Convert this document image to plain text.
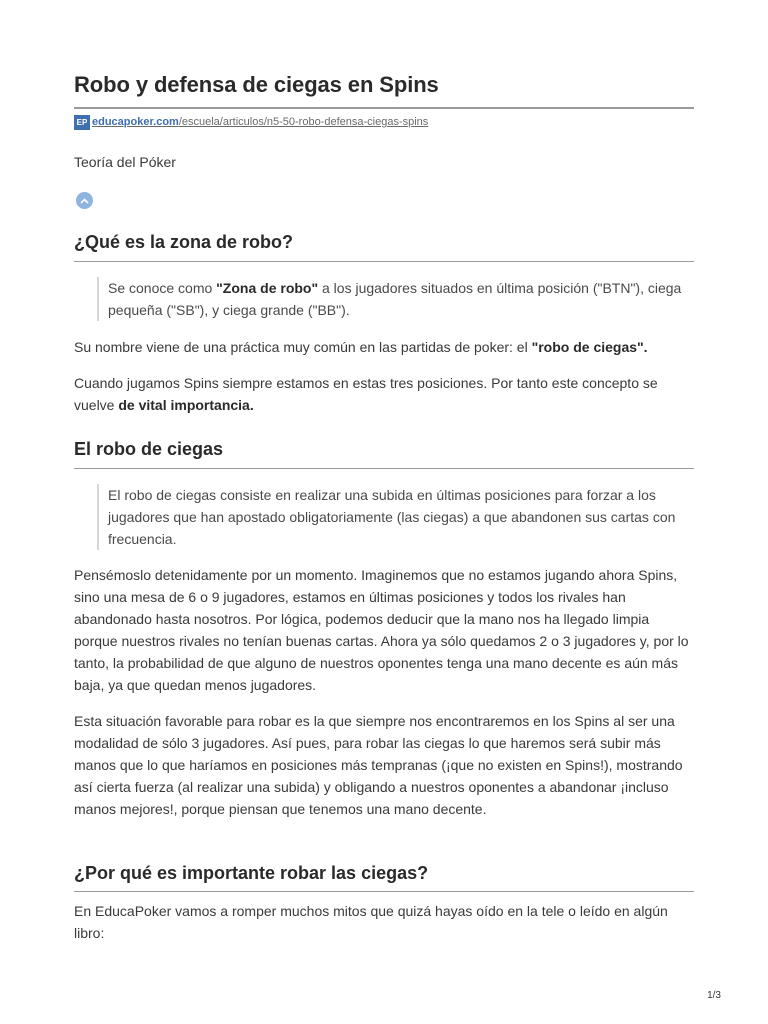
Robo y defensa de ciegas en Spins
EP educapoker.com/escuela/articulos/n5-50-robo-defensa-ciegas-spins
Teoría del Póker
¿Qué es la zona de robo?
Se conoce como "Zona de robo" a los jugadores situados en última posición ("BTN"), ciega pequeña ("SB"), y ciega grande ("BB").

Su nombre viene de una práctica muy común en las partidas de poker: el "robo de ciegas".

Cuando jugamos Spins siempre estamos en estas tres posiciones. Por tanto este concepto se vuelve de vital importancia.

El robo de ciegas
El robo de ciegas consiste en realizar una subida en últimas posiciones para forzar a los jugadores que han apostado obligatoriamente (las ciegas) a que abandonen sus cartas con frecuencia.

Pensémoslo detenidamente por un momento. Imaginemos que no estamos jugando ahora Spins, sino una mesa de 6 o 9 jugadores, estamos en últimas posiciones y todos los rivales han abandonado hasta nosotros. Por lógica, podemos deducir que la mano nos ha llegado limpia porque nuestros rivales no tenían buenas cartas. Ahora ya sólo quedamos 2 o 3 jugadores y, por lo tanto, la probabilidad de que alguno de nuestros oponentes tenga una mano decente es aún más baja, ya que quedan menos jugadores.

Esta situación favorable para robar es la que siempre nos encontraremos en los Spins al ser una modalidad de sólo 3 jugadores. Así pues, para robar las ciegas lo que haremos será subir más manos que lo que haríamos en posiciones más tempranas (¡que no existen en Spins!), mostrando así cierta fuerza (al realizar una subida) y obligando a nuestros oponentes a abandonar ¡incluso manos mejores!, porque piensan que tenemos una mano decente.

¿Por qué es importante robar las ciegas?

En EducaPoker vamos a romper muchos mitos que quizá hayas oído en la tele o leído en algún libro:

1/3
